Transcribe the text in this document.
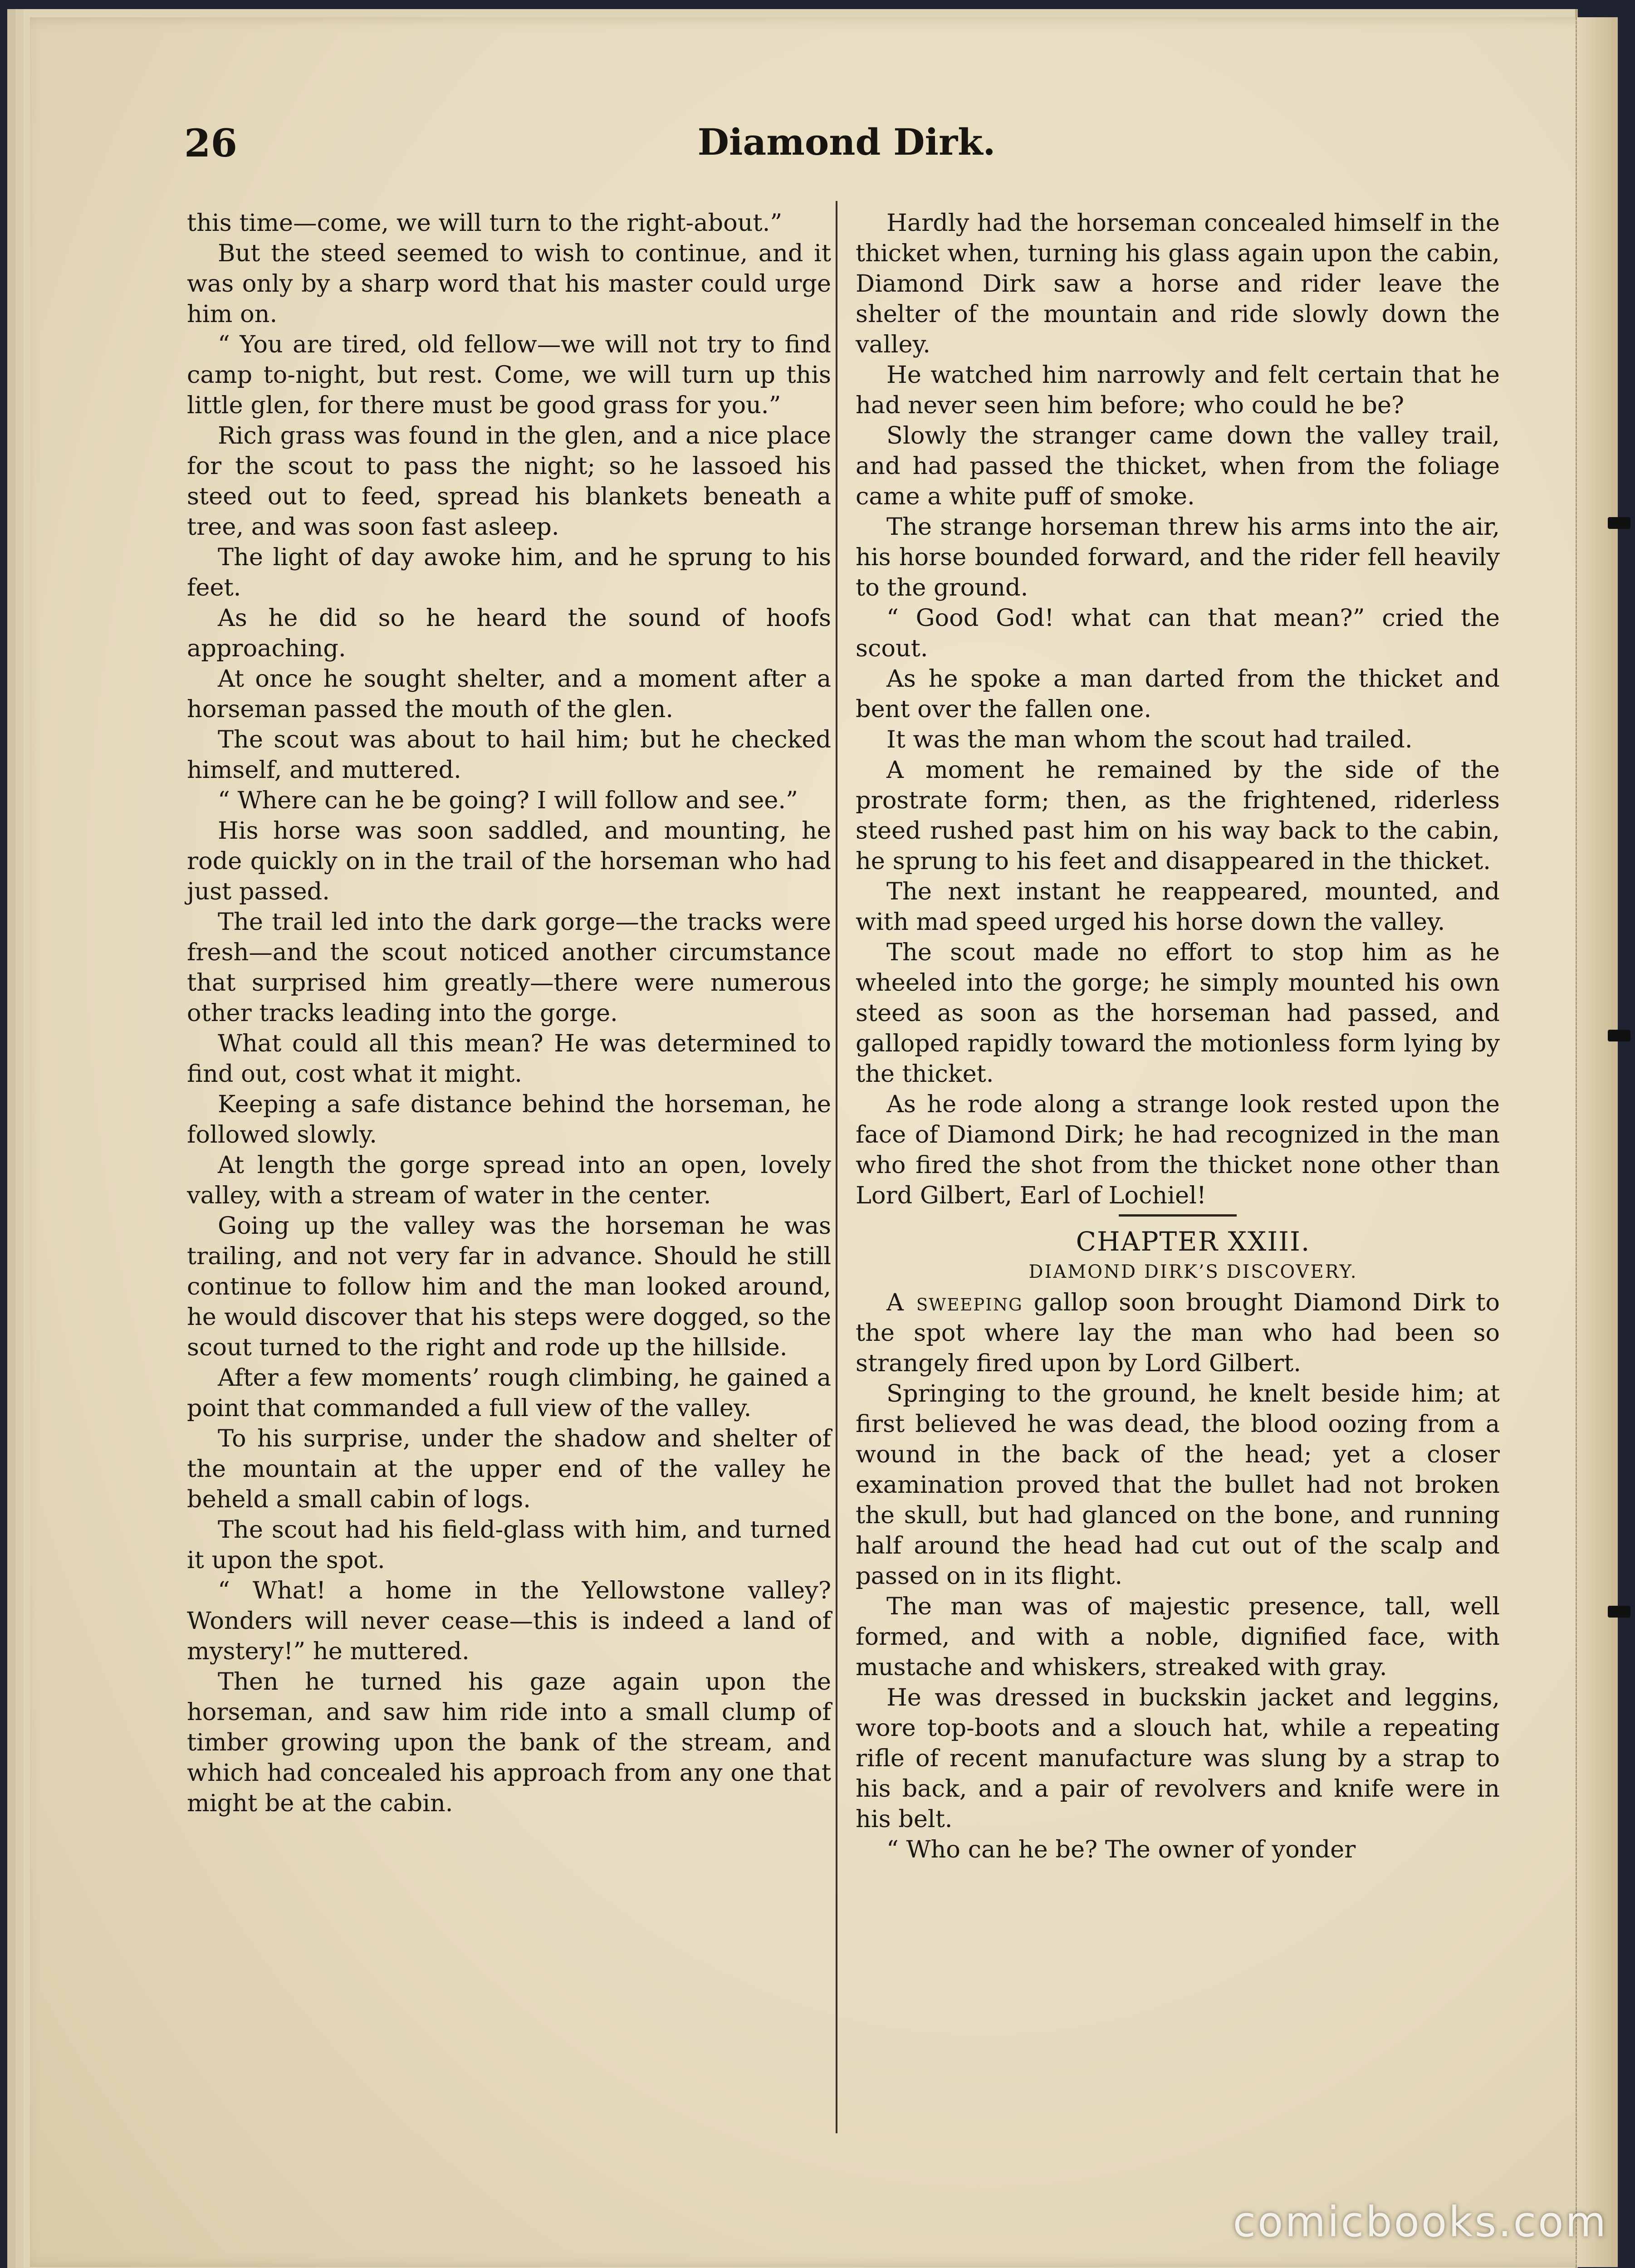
26	Diamond Dirk.

this time—come, we will turn to the right-about.”

But the steed seemed to wish to continue, and it was only by a sharp word that his master could urge him on.

“ You are tired, old fellow—we will not try to find camp to-night, but rest. Come, we will turn up this little glen, for there must be good grass for you.”

Rich grass was found in the glen, and a nice place for the scout to pass the night; so he lassoed his steed out to feed, spread his blankets beneath a tree, and was soon fast asleep.

The light of day awoke him, and he sprung to his feet.

As he did so he heard the sound of hoofs approaching.

At once he sought shelter, and a moment after a horseman passed the mouth of the glen.

The scout was about to hail him; but he checked himself, and muttered.

“ Where can he be going? I will follow and see.”

His horse was soon saddled, and mounting, he rode quickly on in the trail of the horseman who had just passed.

The trail led into the dark gorge—the tracks were fresh—and the scout noticed another circumstance that surprised him greatly—there were numerous other tracks leading into the gorge.

What could all this mean? He was determined to find out, cost what it might.

Keeping a safe distance behind the horseman, he followed slowly.

At length the gorge spread into an open, lovely valley, with a stream of water in the center.

Going up the valley was the horseman he was trailing, and not very far in advance. Should he still continue to follow him and the man looked around, he would discover that his steps were dogged, so the scout turned to the right and rode up the hillside.

After a few moments’ rough climbing, he gained a point that commanded a full view of the valley.

To his surprise, under the shadow and shelter of the mountain at the upper end of the valley he beheld a small cabin of logs.

The scout had his field-glass with him, and turned it upon the spot.

“ What! a home in the Yellowstone valley? Wonders will never cease—this is indeed a land of mystery!” he muttered.

Then he turned his gaze again upon the horseman, and saw him ride into a small clump of timber growing upon the bank of the stream, and which had concealed his approach from any one that might be at the cabin.

Hardly had the horseman concealed himself in the thicket when, turning his glass again upon the cabin, Diamond Dirk saw a horse and rider leave the shelter of the mountain and ride slowly down the valley.

He watched him narrowly and felt certain that he had never seen him before; who could he be?

Slowly the stranger came down the valley trail, and had passed the thicket, when from the foliage came a white puff of smoke.

The strange horseman threw his arms into the air, his horse bounded forward, and the rider fell heavily to the ground.

“ Good God! what can that mean?” cried the scout.

As he spoke a man darted from the thicket and bent over the fallen one.

It was the man whom the scout had trailed.

A moment he remained by the side of the prostrate form; then, as the frightened, riderless steed rushed past him on his way back to the cabin, he sprung to his feet and disappeared in the thicket.

The next instant he reappeared, mounted, and with mad speed urged his horse down the valley.

The scout made no effort to stop him as he wheeled into the gorge; he simply mounted his own steed as soon as the horseman had passed, and galloped rapidly toward the motionless form lying by the thicket.

As he rode along a strange look rested upon the face of Diamond Dirk; he had recognized in the man who fired the shot from the thicket none other than Lord Gilbert, Earl of Lochiel!

CHAPTER XXIII.

DIAMOND DIRK’S DISCOVERY.

A sweeping gallop soon brought Diamond Dirk to the spot where lay the man who had been so strangely fired upon by Lord Gilbert.

Springing to the ground, he knelt beside him; at first believed he was dead, the blood oozing from a wound in the back of the head; yet a closer examination proved that the bullet had not broken the skull, but had glanced on the bone, and running half around the head had cut out of the scalp and passed on in its flight.

The man was of majestic presence, tall, well formed, and with a noble, dignified face, with mustache and whiskers, streaked with gray.

He was dressed in buckskin jacket and leggins, wore top-boots and a slouch hat, while a repeating rifle of recent manufacture was slung by a strap to his back, and a pair of revolvers and knife were in his belt.

“ Who can he be? The owner of yonder

comicbooks.com
